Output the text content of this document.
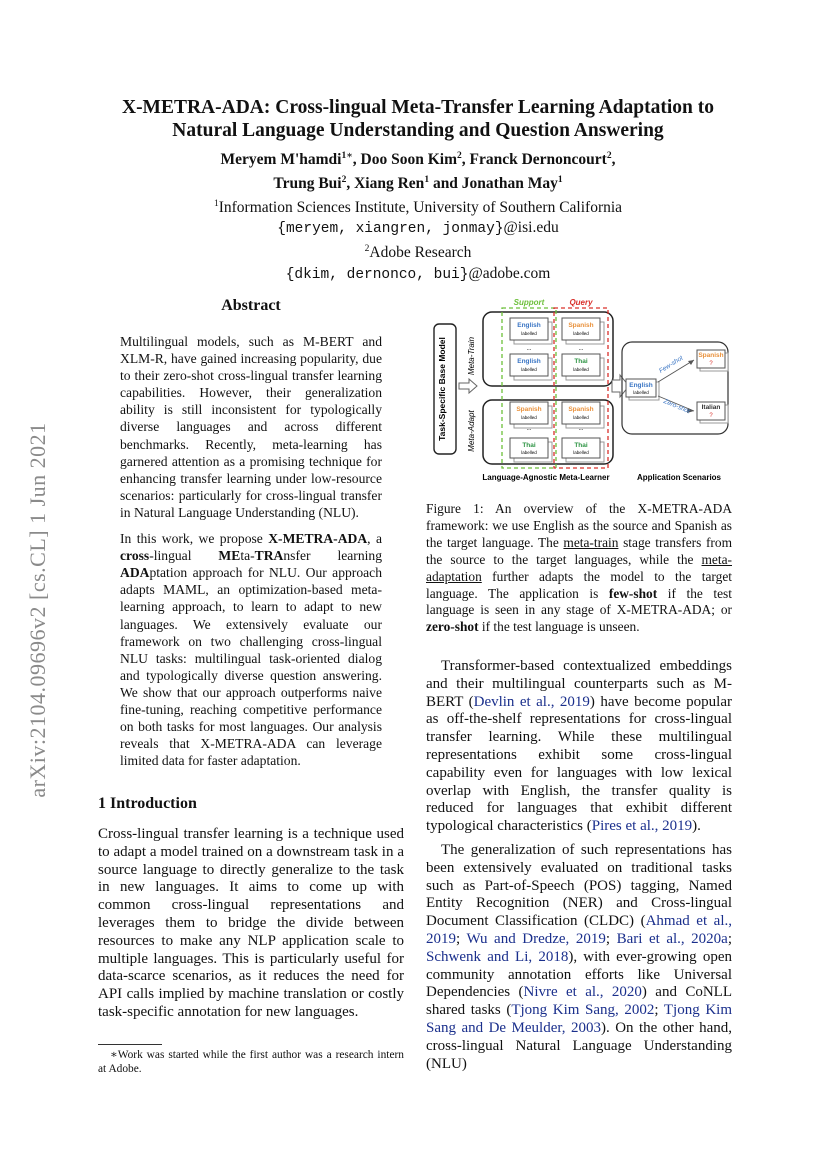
arXiv:2104.09696v2 [cs.CL] 1 Jun 2021
X-METRA-ADA: Cross-lingual Meta-Transfer Learning Adaptation to
Natural Language Understanding and Question Answering
Meryem M'hamdi$^{1∗}$, Doo Soon Kim$^2$, Franck Dernoncourt$^2$,
Trung Bui$^2$, Xiang Ren$^1$ and Jonathan May$^1$
$^1$Information Sciences Institute, University of Southern California
{meryem, xiangren, jonmay}@isi.edu
$^2$Adobe Research
{dkim, dernonco, bui}@adobe.com
Abstract

Multilingual models, such as M-BERT and XLM-R, have gained increasing popularity, due to their zero-shot cross-lingual transfer learning capabilities. However, their generalization ability is still inconsistent for typologically diverse languages and across different benchmarks. Recently, meta-learning has garnered attention as a promising technique for enhancing transfer learning under low-resource scenarios: particularly for cross-lingual transfer in Natural Language Understanding (NLU).

In this work, we propose X-METRA-ADA, a cross-lingual MEta-TRAnsfer learning ADAptation approach for NLU. Our approach adapts MAML, an optimization-based meta-learning approach, to learn to adapt to new languages. We extensively evaluate our framework on two challenging cross-lingual NLU tasks: multilingual task-oriented dialog and typologically diverse question answering. We show that our approach outperforms naive fine-tuning, reaching competitive performance on both tasks for most languages. Our analysis reveals that X-METRA-ADA can leverage limited data for faster adaptation.

1 Introduction

Cross-lingual transfer learning is a technique used to adapt a model trained on a downstream task in a source language to directly generalize to the task in new languages. It aims to come up with common cross-lingual representations and leverages them to bridge the divide between resources to make any NLP application scale to multiple languages. This is particularly useful for data-scarce scenarios, as it reduces the need for API calls implied by machine translation or costly task-specific annotation for new languages.

∗Work was started while the first author was a research intern at Adobe.
Task-Specific Base Model	Meta-Train
Meta-Adapt
Support	Query
English
labelled
Spanish
labelled
...	...
English
labelled
Thai
labelled
Spanish
labelled
Spanish
labelled
...	...
Thai
labelled
Thai
labelled
English
labelled
Spanish
?
Italian
?
Few-shot
Zero-shot
Language-Agnostic Meta-Learner	Application Scenarios

Figure 1: An overview of the X-METRA-ADA framework: we use English as the source and Spanish as the target language. The meta-train stage transfers from the source to the target languages, while the meta-adaptation further adapts the model to the target language. The application is few-shot if the test language is seen in any stage of X-METRA-ADA; or zero-shot if the test language is unseen.

Transformer-based contextualized embeddings and their multilingual counterparts such as M-BERT (Devlin et al., 2019) have become popular as off-the-shelf representations for cross-lingual transfer learning. While these multilingual representations exhibit some cross-lingual capability even for languages with low lexical overlap with English, the transfer quality is reduced for languages that exhibit different typological characteristics (Pires et al., 2019).

The generalization of such representations has been extensively evaluated on traditional tasks such as Part-of-Speech (POS) tagging, Named Entity Recognition (NER) and Cross-lingual Document Classification (CLDC) (Ahmad et al., 2019; Wu and Dredze, 2019; Bari et al., 2020a; Schwenk and Li, 2018), with ever-growing open community annotation efforts like Universal Dependencies (Nivre et al., 2020) and CoNLL shared tasks (Tjong Kim Sang, 2002; Tjong Kim Sang and De Meulder, 2003). On the other hand, cross-lingual Natural Language Understanding (NLU)
